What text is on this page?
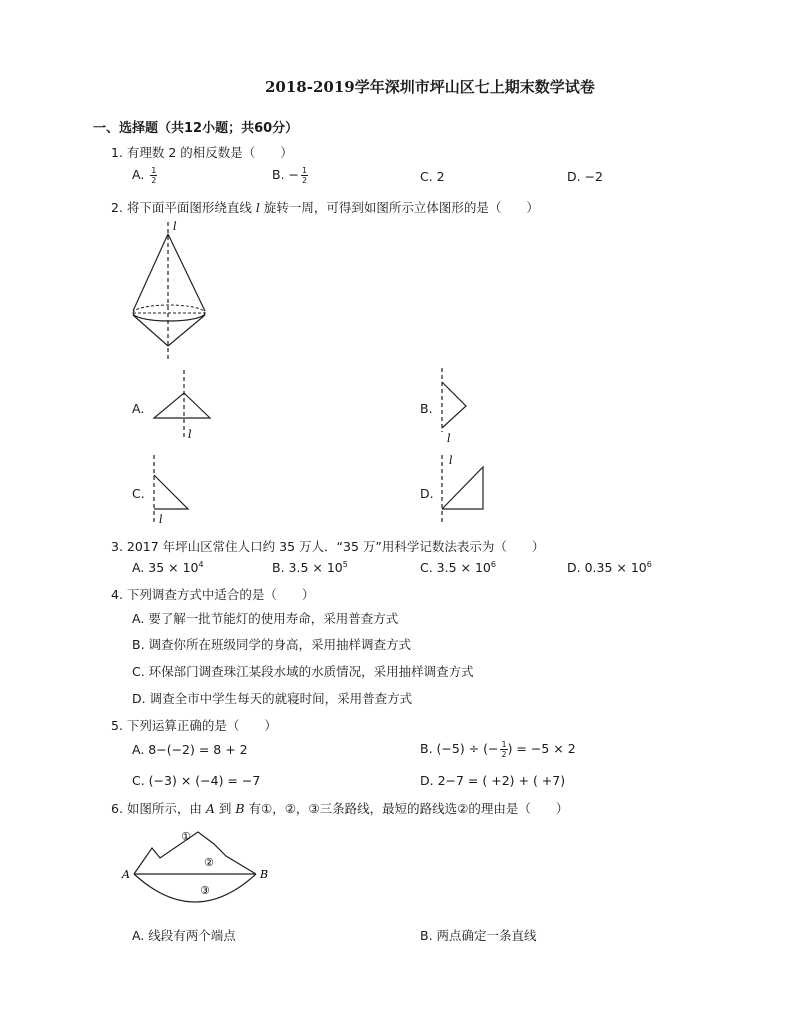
2018-2019学年深圳市坪山区七上期末数学试卷
一、选择题（共12小题；共60分）
1. 有理数 2 的相反数是（　　）
A. $\frac{1}{2}$	B. − $\frac{1}{2}$	C. 2	D. −2
2. 将下面平面图形绕直线 l 旋转一周，可得到如图所示立体图形的是（　　）
l
A.
l
B.
l
C.
l
D.
l
3. 2017 年坪山区常住人口约 35 万人．“35 万”用科学记数法表示为（　　）
A. $35 \times 10^4$	B. $3.5 \times 10^5$	C. $3.5 \times 10^6$	D. $0.35 \times 10^6$
4. 下列调查方式中适合的是（　　）
A. 要了解一批节能灯的使用寿命，采用普查方式
B. 调查你所在班级同学的身高，采用抽样调查方式
C. 环保部门调查珠江某段水域的水质情况，采用抽样调查方式
D. 调查全市中学生每天的就寝时间，采用普查方式
5. 下列运算正确的是（　　）
A. 8−(−2) = 8 + 2	B. (−5) ÷ (− $\frac{1}{2}$ ) = −5 × 2
C. (−3) × (−4) = −7	D. 2−7 = ( +2) + ( +7)
6. 如图所示，由 A 到 B 有①，②，③三条路线，最短的路线选②的理由是（　　）
A	B
①
②
③
A. 线段有两个端点	B. 两点确定一条直线
